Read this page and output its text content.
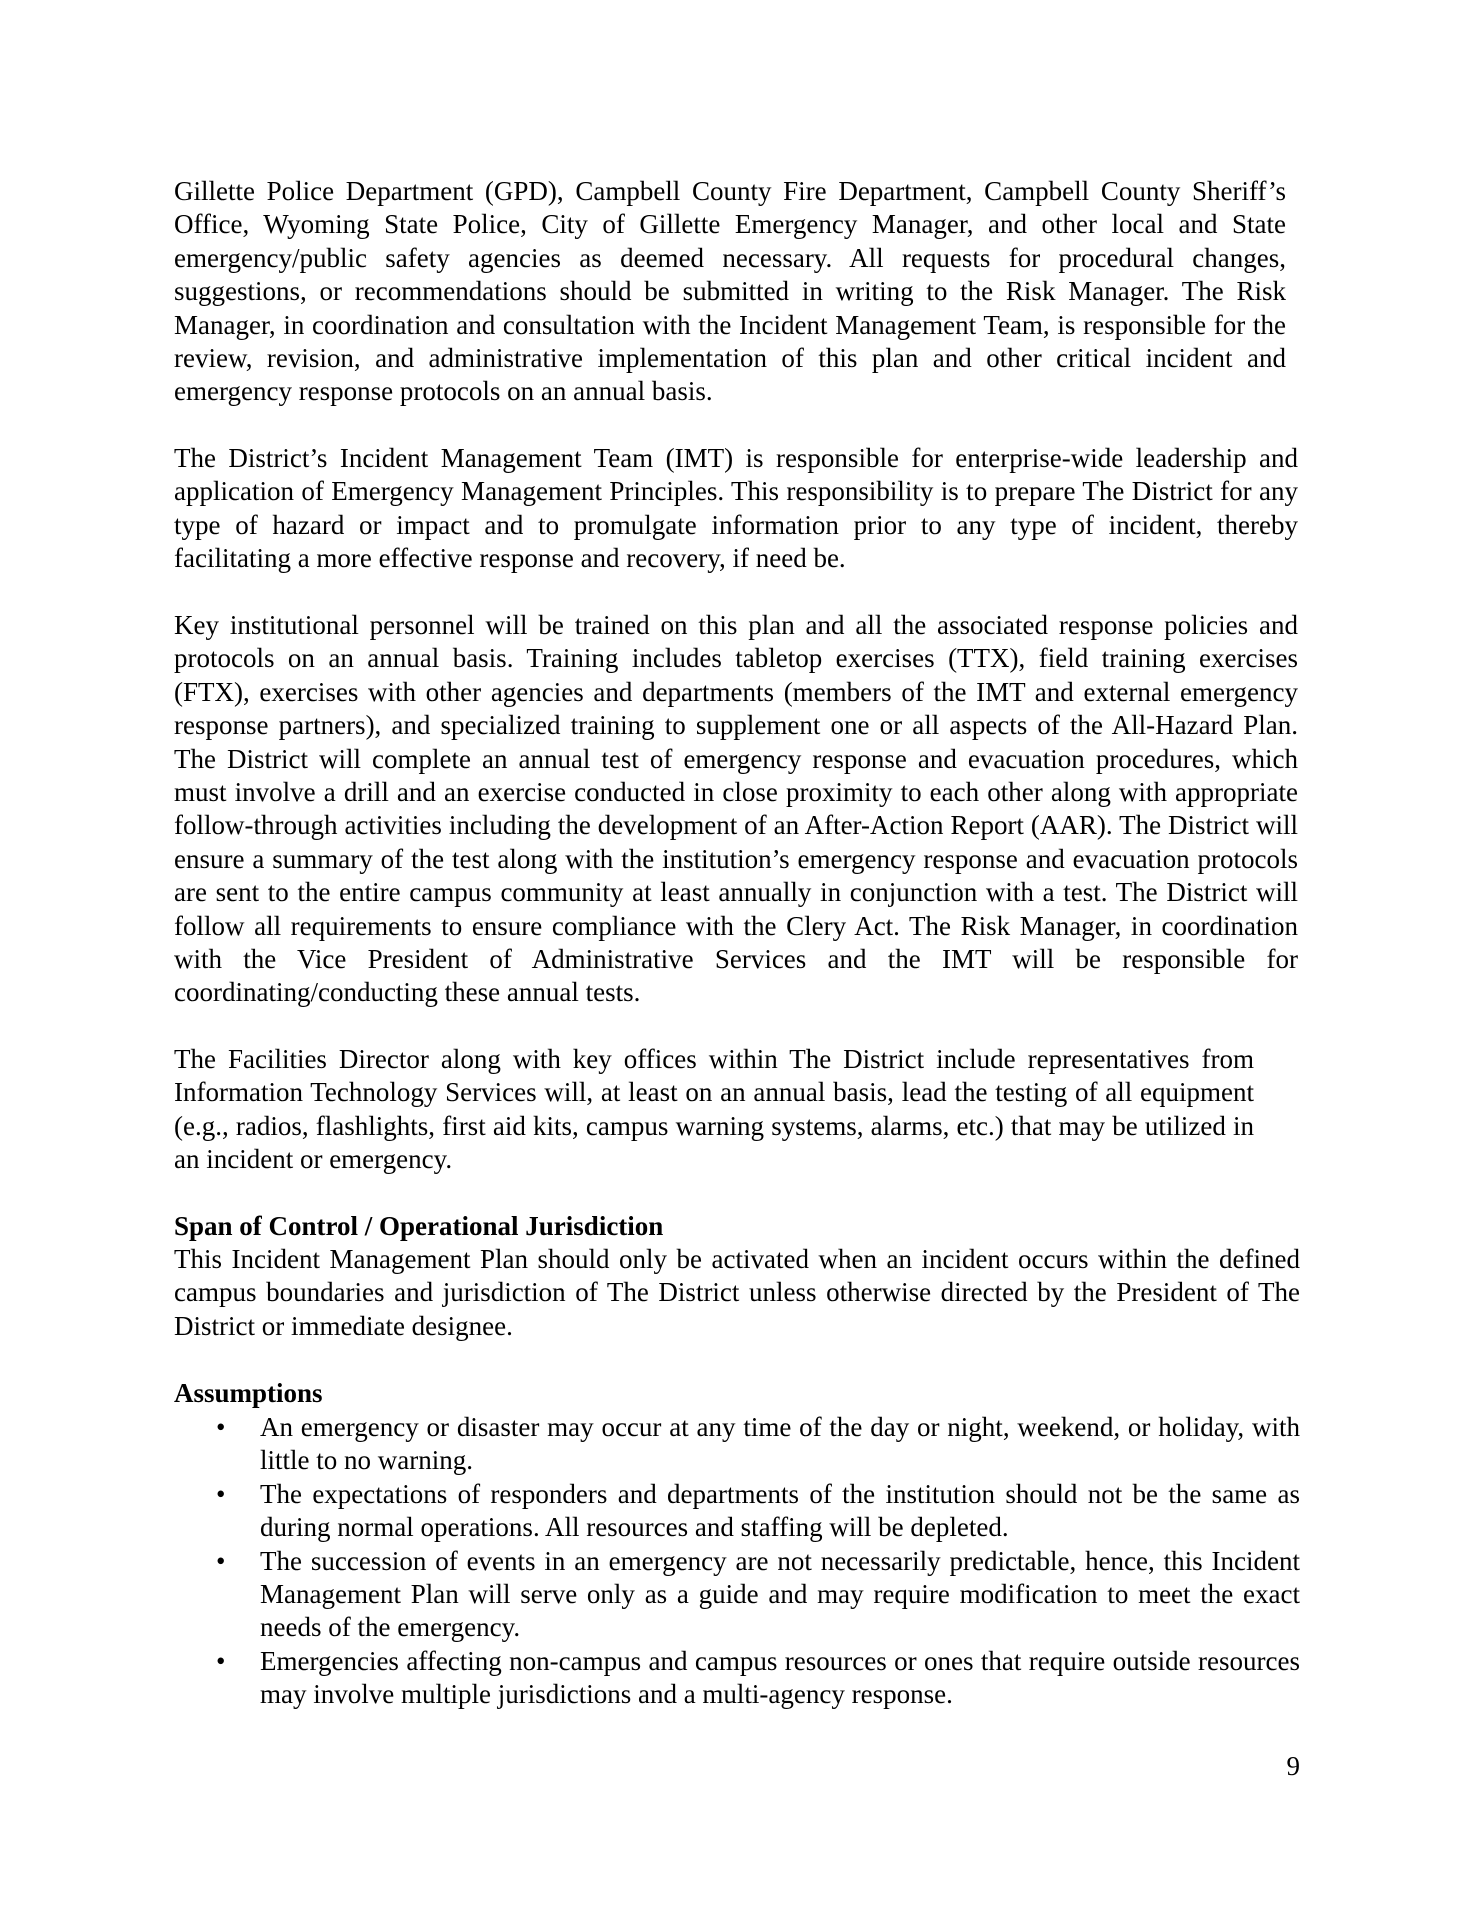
Gillette Police Department (GPD), Campbell County Fire Department, Campbell County Sheriff’s Office, Wyoming State Police, City of Gillette Emergency Manager, and other local and State emergency/public safety agencies as deemed necessary. All requests for procedural changes, suggestions, or recommendations should be submitted in writing to the Risk Manager. The Risk Manager, in coordination and consultation with the Incident Management Team, is responsible for the review, revision, and administrative implementation of this plan and other critical incident and emergency response protocols on an annual basis.

The District’s Incident Management Team (IMT) is responsible for enterprise-wide leadership and application of Emergency Management Principles. This responsibility is to prepare The District for any type of hazard or impact and to promulgate information prior to any type of incident, thereby facilitating a more effective response and recovery, if need be.

Key institutional personnel will be trained on this plan and all the associated response policies and protocols on an annual basis. Training includes tabletop exercises (TTX), field training exercises (FTX), exercises with other agencies and departments (members of the IMT and external emergency response partners), and specialized training to supplement one or all aspects of the All-Hazard Plan. The District will complete an annual test of emergency response and evacuation procedures, which must involve a drill and an exercise conducted in close proximity to each other along with appropriate follow-through activities including the development of an After-Action Report (AAR). The District will ensure a summary of the test along with the institution’s emergency response and evacuation protocols are sent to the entire campus community at least annually in conjunction with a test. The District will follow all requirements to ensure compliance with the Clery Act. The Risk Manager, in coordination with the Vice President of Administrative Services and the IMT will be responsible for coordinating/conducting these annual tests.

The Facilities Director along with key offices within The District include representatives from Information Technology Services will, at least on an annual basis, lead the testing of all equipment (e.g., radios, flashlights, first aid kits, campus warning systems, alarms, etc.) that may be utilized in an incident or emergency.

Span of Control / Operational Jurisdiction

This Incident Management Plan should only be activated when an incident occurs within the defined campus boundaries and jurisdiction of The District unless otherwise directed by the President of The District or immediate designee.

Assumptions

• An emergency or disaster may occur at any time of the day or night, weekend, or holiday, with little to no warning.
• The expectations of responders and departments of the institution should not be the same as during normal operations. All resources and staffing will be depleted.
• The succession of events in an emergency are not necessarily predictable, hence, this Incident Management Plan will serve only as a guide and may require modification to meet the exact needs of the emergency.
• Emergencies affecting non-campus and campus resources or ones that require outside resources may involve multiple jurisdictions and a multi-agency response.

9
